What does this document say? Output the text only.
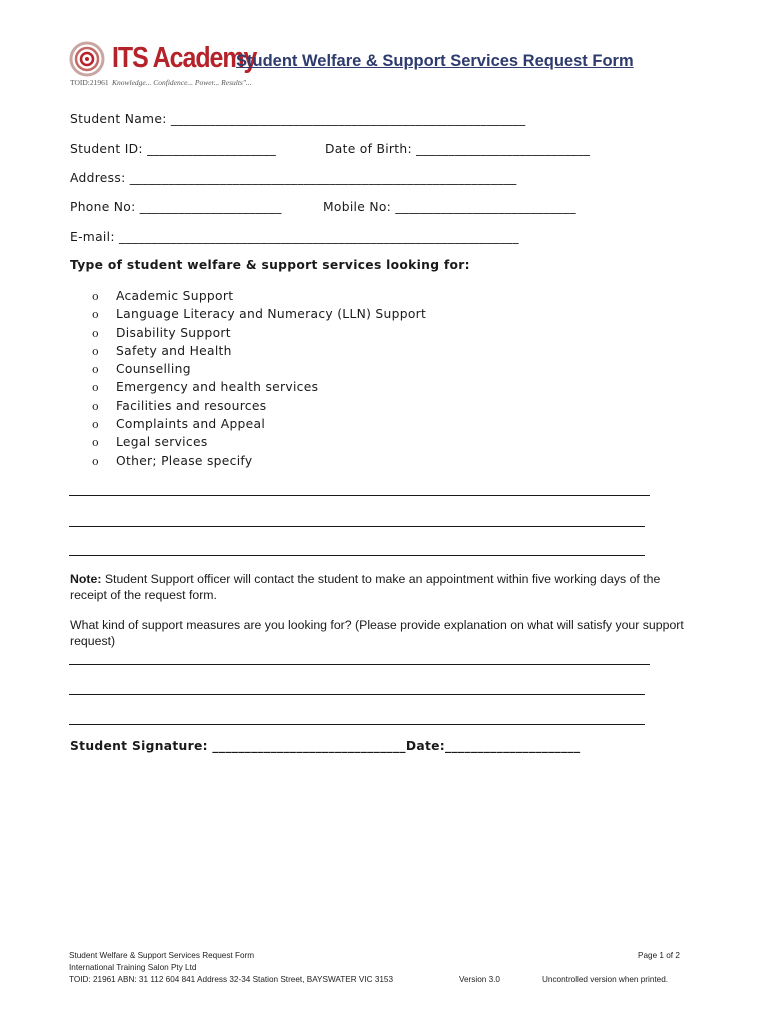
ITS Academy
TOID:21961 Knowledge... Confidence... Power... Results"...
Student Welfare & Support Services Request Form
Student Name: _______________________________________________________
Student ID: ____________________	Date of Birth: ___________________________
Address: ____________________________________________________________
Phone No: ______________________	Mobile No: ____________________________
E-mail: ______________________________________________________________
Type of student welfare & support services looking for:
o Academic Support
o Language Literacy and Numeracy (LLN) Support
o Disability Support
o Safety and Health
o Counselling
o Emergency and health services
o Facilities and resources
o Complaints and Appeal
o Legal services
o Other; Please specify

Note: Student Support officer will contact the student to make an appointment within five working days of the receipt of the request form.

What kind of support measures are you looking for? (Please provide explanation on what will satisfy your support request)

Student Signature: ______________________________Date:_____________________
Student Welfare & Support Services Request Form
International Training Salon Pty Ltd
TOID: 21961 ABN: 31 112 604 841 Address 32-34 Station Street, BAYSWATER VIC 3153
Page 1 of 2
Version 3.0	Uncontrolled version when printed.
